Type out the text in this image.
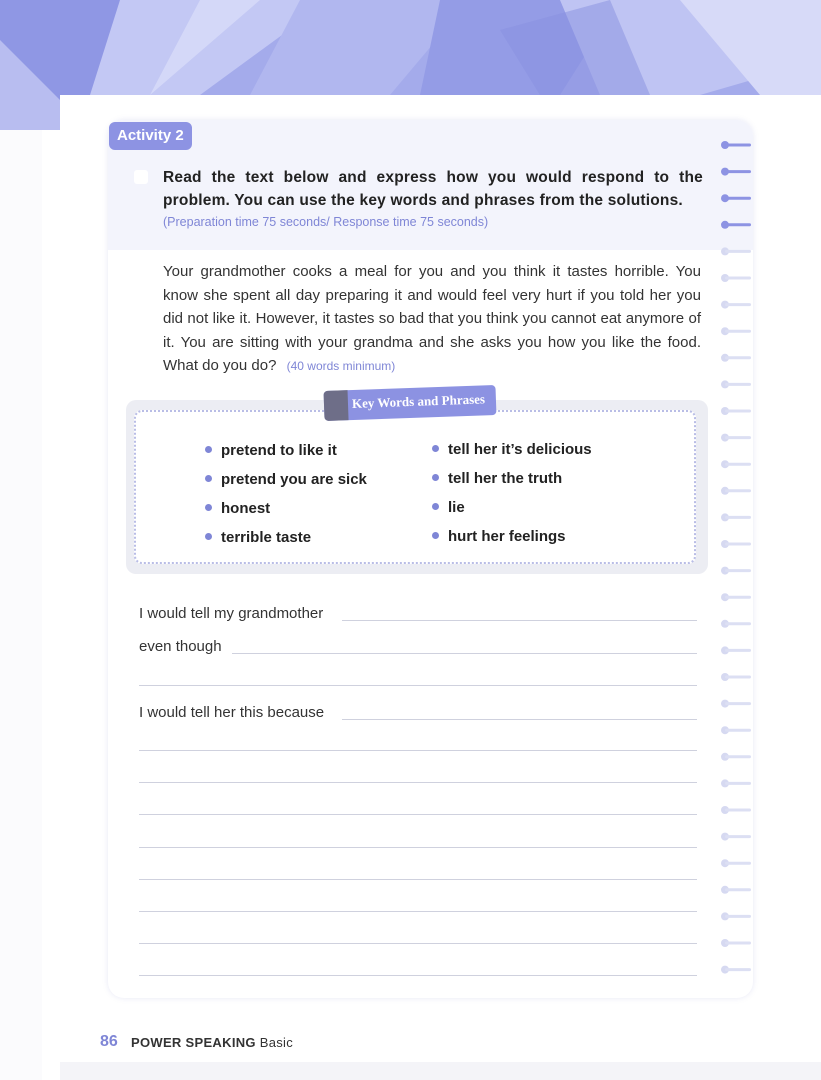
Activity 2
Read the text below and express how you would respond to the problem. You can use the key words and phrases from the solutions.
(Preparation time 75 seconds/ Response time 75 seconds)
Your grandmother cooks a meal for you and you think it tastes horrible. You know she spent all day preparing it and would feel very hurt if you told her you did not like it. However, it tastes so bad that you think you cannot eat anymore of it. You are sitting with your grandma and she asks you how you like the food. What do you do? (40 words minimum)
Key Words and Phrases
pretend to like it
pretend you are sick
honest
terrible taste
tell her it’s delicious
tell her the truth
lie
hurt her feelings
I would tell my grandmother
even though
I would tell her this because
86 POWER SPEAKING Basic
